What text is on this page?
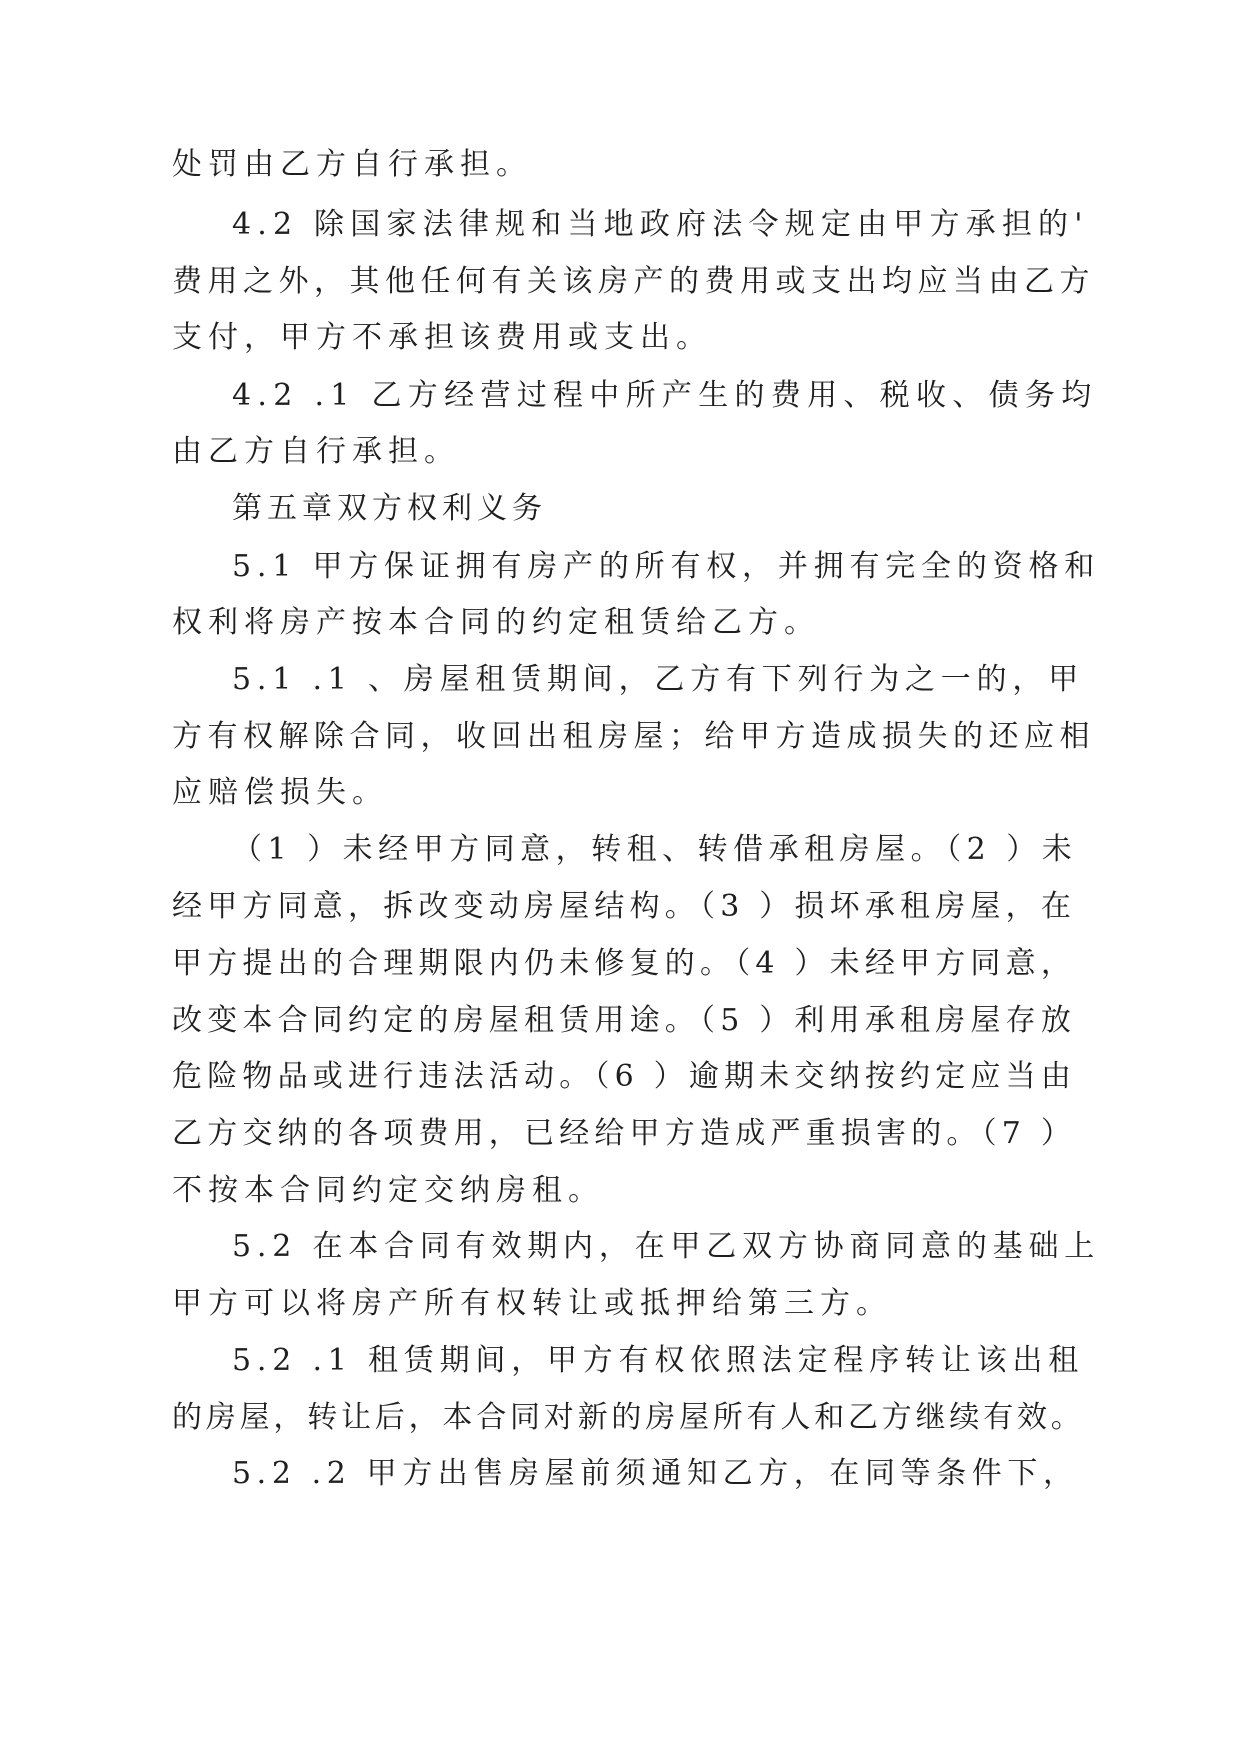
处罚由乙方自行承担。
4.2 除国家法律规和当地政府法令规定由甲方承担的'
费用之外，其他任何有关该房产的费用或支出均应当由乙方
支付，甲方不承担该费用或支出。
4.2 .1 乙方经营过程中所产生的费用、税收、债务均
由乙方自行承担。
第五章双方权利义务
5.1 甲方保证拥有房产的所有权，并拥有完全的资格和
权利将房产按本合同的约定租赁给乙方。
5.1 .1 、房屋租赁期间，乙方有下列行为之一的，甲
方有权解除合同，收回出租房屋；给甲方造成损失的还应相
应赔偿损失。
（1 ）未经甲方同意，转租、转借承租房屋。（2 ）未
经甲方同意，拆改变动房屋结构。（3 ）损坏承租房屋，在
甲方提出的合理期限内仍未修复的。（4 ）未经甲方同意，
改变本合同约定的房屋租赁用途。（5 ）利用承租房屋存放
危险物品或进行违法活动。（6 ）逾期未交纳按约定应当由
乙方交纳的各项费用，已经给甲方造成严重损害的。（7 ）
不按本合同约定交纳房租。
5.2 在本合同有效期内，在甲乙双方协商同意的基础上
甲方可以将房产所有权转让或抵押给第三方。
5.2 .1 租赁期间，甲方有权依照法定程序转让该出租
的房屋，转让后，本合同对新的房屋所有人和乙方继续有效。
5.2 .2 甲方出售房屋前须通知乙方，在同等条件下，
